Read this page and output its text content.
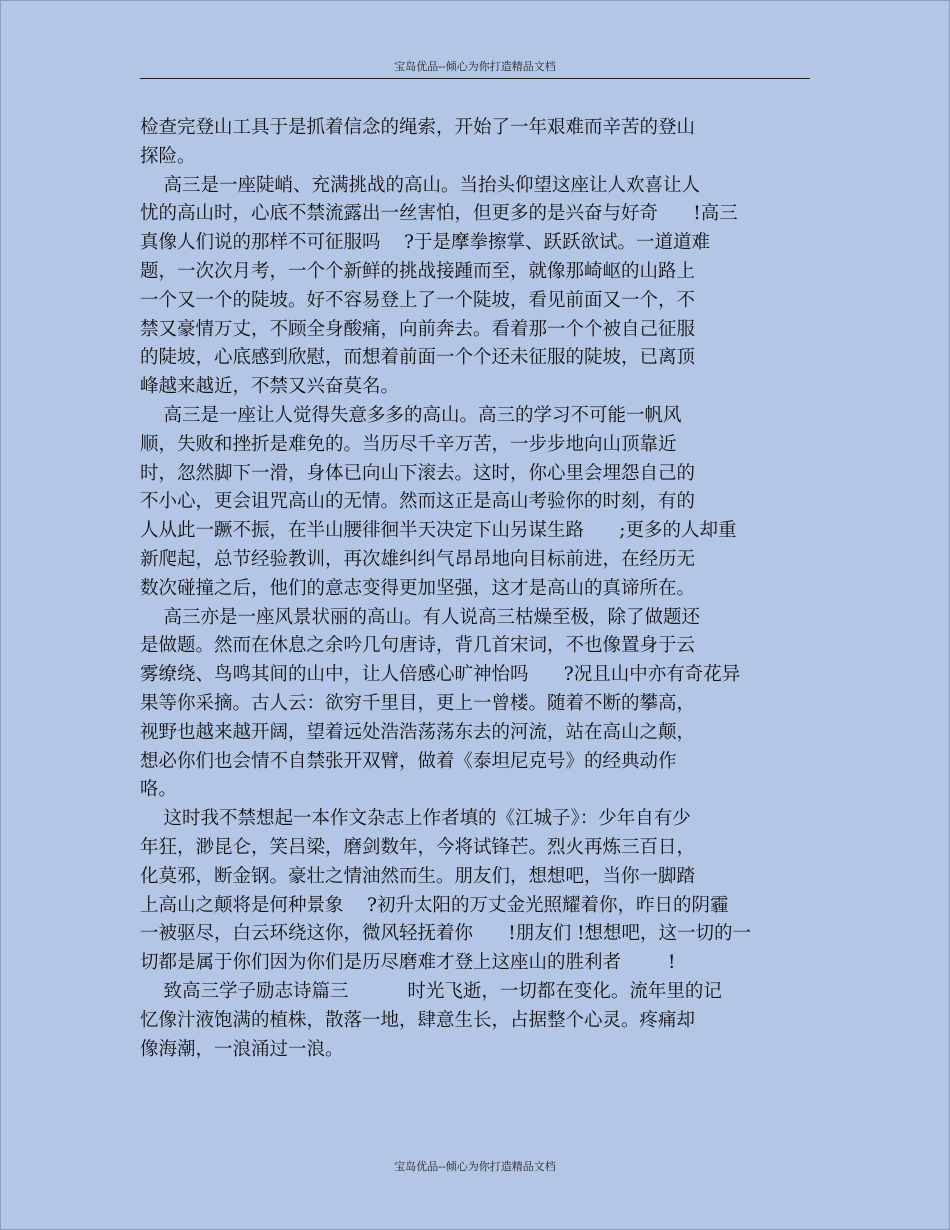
宝岛优品--倾心为你打造精品文档
检查完登山工具于是抓着信念的绳索，开始了一年艰难而辛苦的登山
探险。
高三是一座陡峭、充满挑战的高山。当抬头仰望这座让人欢喜让人
忧的高山时，心底不禁流露出一丝害怕，但更多的是兴奋与好奇      !高三
真像人们说的那样不可征服吗    ?于是摩拳擦掌、跃跃欲试。一道道难
题，一次次月考，一个个新鲜的挑战接踵而至，就像那崎岖的山路上
一个又一个的陡坡。好不容易登上了一个陡坡，看见前面又一个，不
禁又豪情万丈，不顾全身酸痛，向前奔去。看着那一个个被自己征服
的陡坡，心底感到欣慰，而想着前面一个个还未征服的陡坡，已离顶
峰越来越近，不禁又兴奋莫名。
高三是一座让人觉得失意多多的高山。高三的学习不可能一帆风
顺，失败和挫折是难免的。当历尽千辛万苦，一步步地向山顶靠近
时，忽然脚下一滑，身体已向山下滚去。这时，你心里会埋怨自己的
不小心，更会诅咒高山的无情。然而这正是高山考验你的时刻，有的
人从此一蹶不振，在半山腰徘徊半天决定下山另谋生路      ;更多的人却重
新爬起，总节经验教训，再次雄纠纠气昂昂地向目标前进，在经历无
数次碰撞之后，他们的意志变得更加坚强，这才是高山的真谛所在。
高三亦是一座风景状丽的高山。有人说高三枯燥至极，除了做题还
是做题。然而在休息之余吟几句唐诗，背几首宋词，不也像置身于云
雾缭绕、鸟鸣其间的山中，让人倍感心旷神怡吗      ?况且山中亦有奇花异
果等你采摘。古人云：欲穷千里目，更上一曾楼。随着不断的攀高，
视野也越来越开阔，望着远处浩浩荡荡东去的河流，站在高山之颠，
想必你们也会情不自禁张开双臂，做着《泰坦尼克号》的经典动作
咯。
这时我不禁想起一本作文杂志上作者填的《江城子》：少年自有少
年狂，渺昆仑，笑吕梁，磨剑数年，今将试锋芒。烈火再炼三百日，
化莫邪，断金钢。豪壮之情油然而生。朋友们，想想吧，当你一脚踏
上高山之颠将是何种景象    ?初升太阳的万丈金光照耀着你，昨日的阴霾
一被驱尽，白云环绕这你，微风轻抚着你      !朋友们 !想想吧，这一切的一
切都是属于你们因为你们是历尽磨难才登上这座山的胜利者        !
致高三学子励志诗篇三          时光飞逝，一切都在变化。流年里的记
忆像汁液饱满的植株，散落一地，肆意生长，占据整个心灵。疼痛却
像海潮，一浪涌过一浪。
宝岛优品--倾心为你打造精品文档
